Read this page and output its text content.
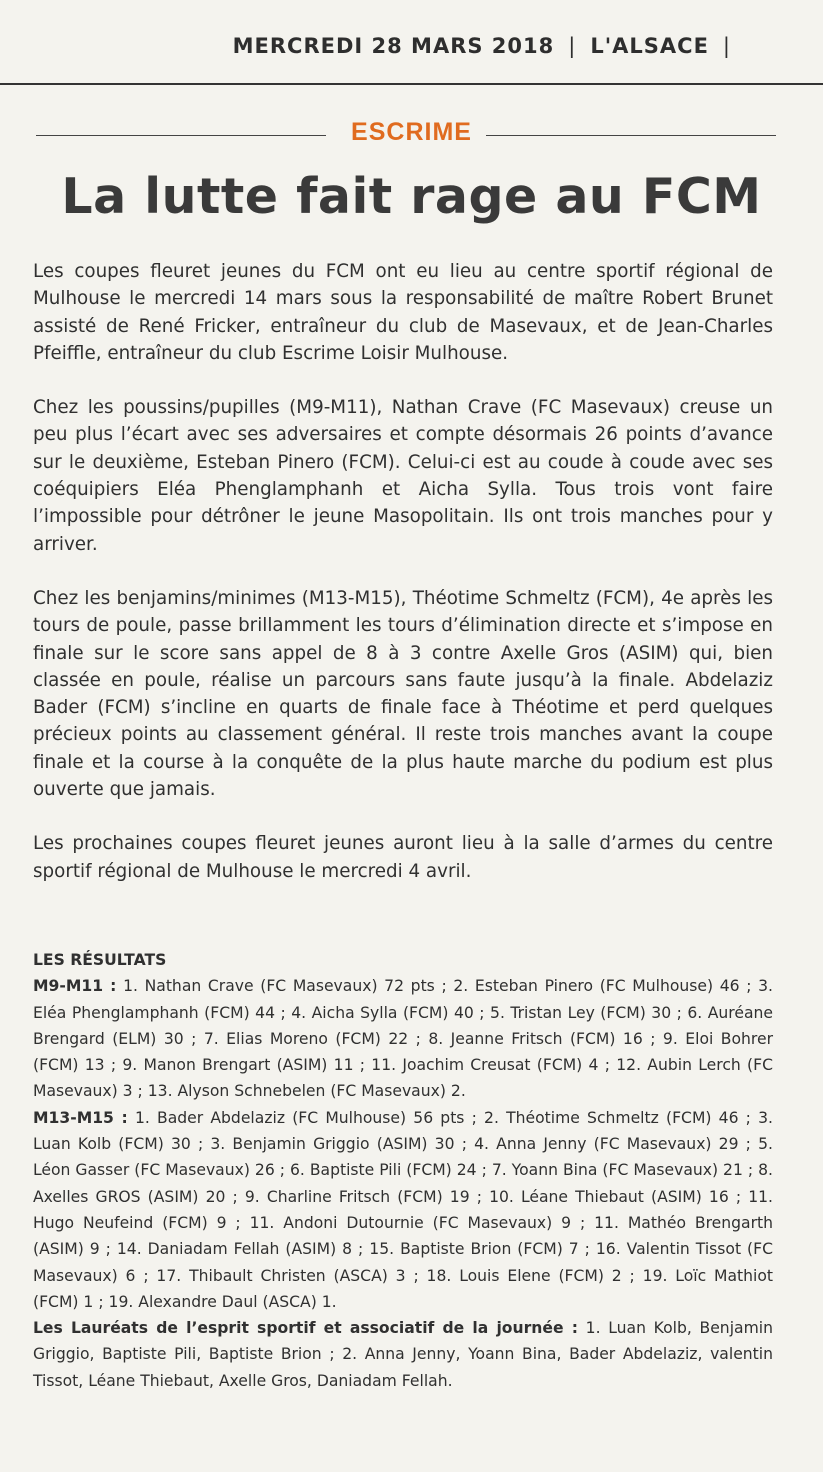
MERCREDI 28 MARS 2018 | L'ALSACE |
ESCRIME
La lutte fait rage au FCM

Les coupes fleuret jeunes du FCM ont eu lieu au centre sportif régional de Mulhouse le mercredi 14 mars sous la responsabilité de maître Robert Brunet assisté de René Fricker, entraîneur du club de Masevaux, et de Jean-Charles Pfeiffle, entraîneur du club Escrime Loisir Mulhouse.

Chez les poussins/pupilles (M9-M11), Nathan Crave (FC Masevaux) creuse un peu plus l’écart avec ses adversaires et compte désormais 26 points d’avance sur le deuxième, Esteban Pinero (FCM). Celui-ci est au coude à coude avec ses coéquipiers Eléa Phenglamphanh et Aicha Sylla. Tous trois vont faire l’impossible pour détrôner le jeune Masopolitain. Ils ont trois manches pour y arriver.

Chez les benjamins/minimes (M13-M15), Théotime Schmeltz (FCM), 4e après les tours de poule, passe brillamment les tours d’élimination directe et s’impose en finale sur le score sans appel de 8 à 3 contre Axelle Gros (ASIM) qui, bien classée en poule, réalise un parcours sans faute jusqu’à la finale. Abdelaziz Bader (FCM) s’incline en quarts de finale face à Théotime et perd quelques précieux points au classement général. Il reste trois manches avant la coupe finale et la course à la conquête de la plus haute marche du podium est plus ouverte que jamais.

Les prochaines coupes fleuret jeunes auront lieu à la salle d’armes du centre sportif régional de Mulhouse le mercredi 4 avril.

LES RÉSULTATS

M9-M11 : 1. Nathan Crave (FC Masevaux) 72 pts ; 2. Esteban Pinero (FC Mulhouse) 46 ; 3. Eléa Phenglamphanh (FCM) 44 ; 4. Aicha Sylla (FCM) 40 ; 5. Tristan Ley (FCM) 30 ; 6. Auréane Brengard (ELM) 30 ; 7. Elias Moreno (FCM) 22 ; 8. Jeanne Fritsch (FCM) 16 ; 9. Eloi Bohrer (FCM) 13 ; 9. Manon Brengart (ASIM) 11 ; 11. Joachim Creusat (FCM) 4 ; 12. Aubin Lerch (FC Masevaux) 3 ; 13. Alyson Schnebelen (FC Masevaux) 2.

M13-M15 : 1. Bader Abdelaziz (FC Mulhouse) 56 pts ; 2. Théotime Schmeltz (FCM) 46 ; 3. Luan Kolb (FCM) 30 ; 3. Benjamin Griggio (ASIM) 30 ; 4. Anna Jenny (FC Masevaux) 29 ; 5. Léon Gasser (FC Masevaux) 26 ; 6. Baptiste Pili (FCM) 24 ; 7. Yoann Bina (FC Masevaux) 21 ; 8. Axelles GROS (ASIM) 20 ; 9. Charline Fritsch (FCM) 19 ; 10. Léane Thiebaut (ASIM) 16 ; 11. Hugo Neufeind (FCM) 9 ; 11. Andoni Dutournie (FC Masevaux) 9 ; 11. Mathéo Brengarth (ASIM) 9 ; 14. Daniadam Fellah (ASIM) 8 ; 15. Baptiste Brion (FCM) 7 ; 16. Valentin Tissot (FC Masevaux) 6 ; 17. Thibault Christen (ASCA) 3 ; 18. Louis Elene (FCM) 2 ; 19. Loïc Mathiot (FCM) 1 ; 19. Alexandre Daul (ASCA) 1.

Les Lauréats de l’esprit sportif et associatif de la journée : 1. Luan Kolb, Benjamin Griggio, Baptiste Pili, Baptiste Brion ; 2. Anna Jenny, Yoann Bina, Bader Abdelaziz, valentin Tissot, Léane Thiebaut, Axelle Gros, Daniadam Fellah.
